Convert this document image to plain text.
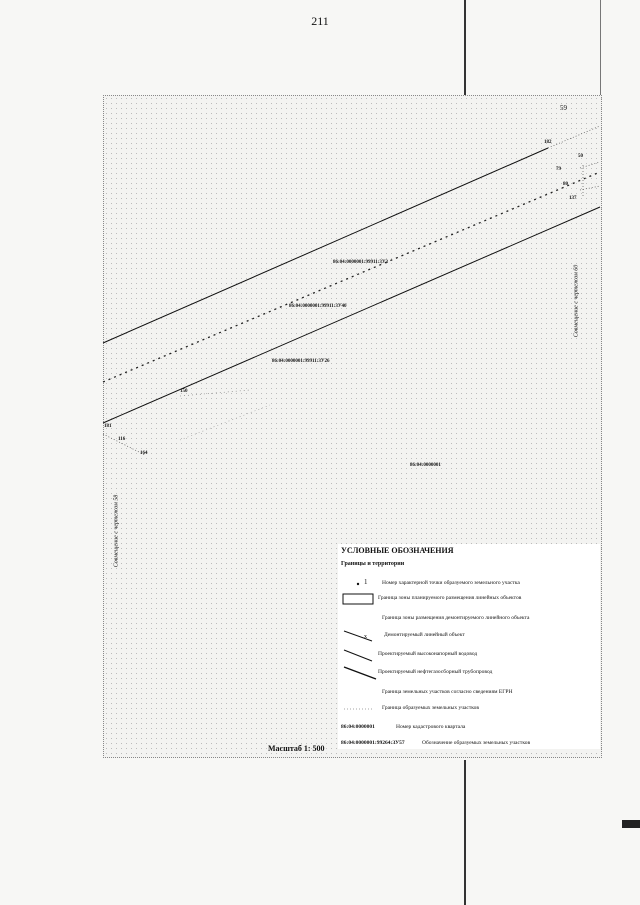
211
59
182
50
79
80
137
150
181
116
164
86:04:0000001:99911:3У3
86:04:0000001:99911:3У40
86:04:0000001:99911:3У26
86:04:0000001
Совмещение с чертежом 60
Совмещение с чертежом 58
Масштаб 1: 500
УСЛОВНЫЕ ОБОЗНАЧЕНИЯ
Границы и территории
1	Номер характерной точки образуемого земельного участка
Граница зоны планируемого размещения линейных объектов
Граница зоны размещения демонтируемого линейного объекта
x	Демонтируемый линейный объект
Проектируемый высоконапорный водовод
Проектируемый нефтегазосборный трубопровод
Граница земельных участков согласно сведениям ЕГРН
Граница образуемых земельных участков
86:04:0000001	Номер кадастрового квартала
86:04:0000001:99264:ЗУ57	Обозначение образуемых земельных участков
